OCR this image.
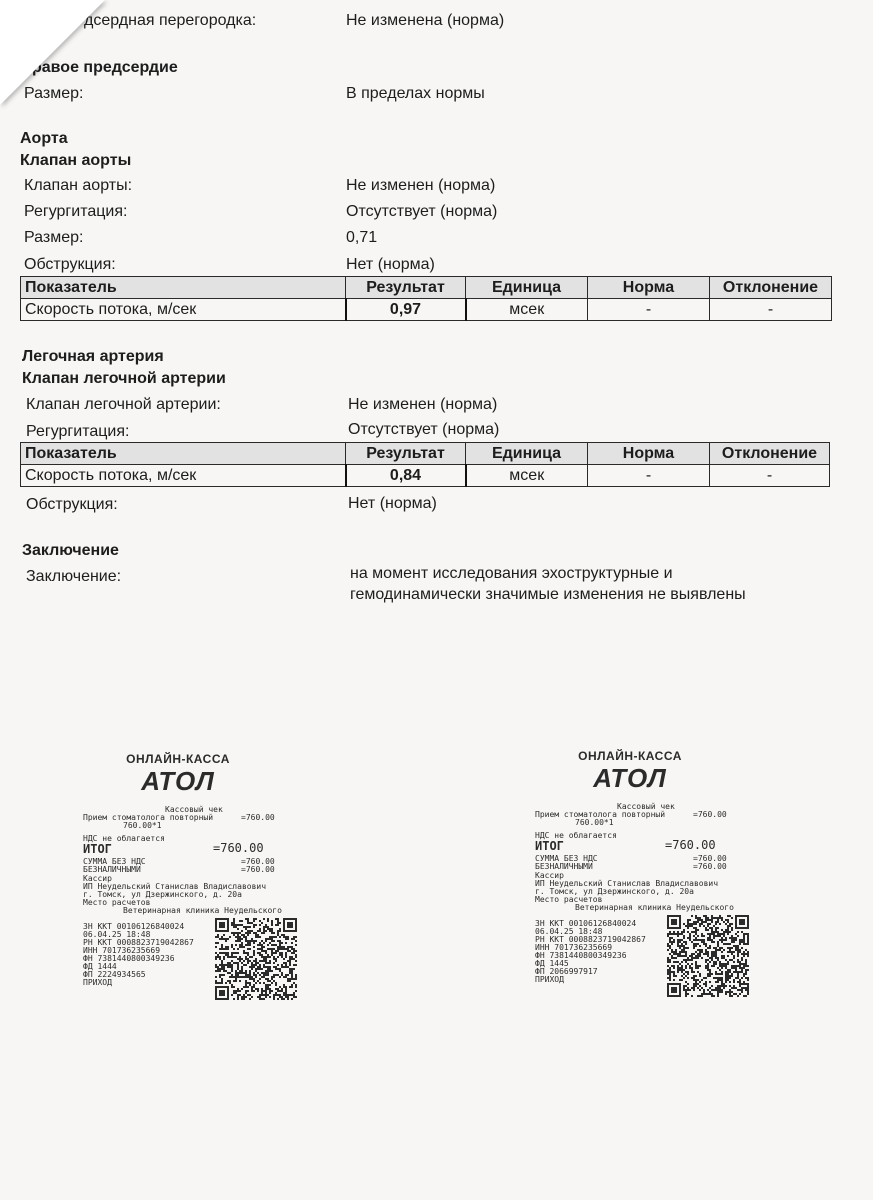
дсердная перегородка:	Не изменена (норма)
равое предсердие
Размер:	В пределах нормы
Аорта
Клапан аорты
Клапан аорты:	Не изменен (норма)
Регургитация:	Отсутствует (норма)
Размер:	0,71
Обструкция:	Нет (норма)
Показатель	Результат	Единица	Норма	Отклонение
Скорость потока, м/сек	0,97	мсек	-	-
Легочная артерия
Клапан легочной артерии
Клапан легочной артерии:	Не изменен (норма)
Регургитация:	Отсутствует (норма)
Показатель	Результат	Единица	Норма	Отклонение
Скорость потока, м/сек	0,84	мсек	-	-
Обструкция:	Нет (норма)
Заключение
Заключение:	на момент исследования эхоструктурные и
гемодинамически значимые изменения не выявлены
ОНЛАЙН-КАССА
АТОЛ
Кассовый чек
Прием стоматолога повторный
760.00*1
=760.00
НДС не облагается
СУММА БЕЗ НДС	=760.00
БЕЗНАЛИЧНЫМИ	=760.00
Кассир
ИП Неудельский Станислав Владиславович
г. Томск, ул Дзержинского, д. 20а
Место расчетов
Ветеринарная клиника Неудельского
ЗН ККТ 00106126840024
06.04.25 18:48
РН ККТ 0008823719042867
ИНН 701736235669
ФН 7381440800349236
ФД 1444
ФП 2224934565
ПРИХОД
ИТОГ	=760.00
ОНЛАЙН-КАССА
АТОЛ
Кассовый чек
Прием стоматолога повторный
760.00*1
=760.00
НДС не облагается
СУММА БЕЗ НДС	=760.00
БЕЗНАЛИЧНЫМИ	=760.00
Кассир
ИП Неудельский Станислав Владиславович
г. Томск, ул Дзержинского, д. 20а
Место расчетов
Ветеринарная клиника Неудельского
ЗН ККТ 00106126840024
06.04.25 18:48
РН ККТ 0008823719042867
ИНН 701736235669
ФН 7381440800349236
ФД 1445
ФП 2066997917
ПРИХОД
ИТОГ	=760.00
